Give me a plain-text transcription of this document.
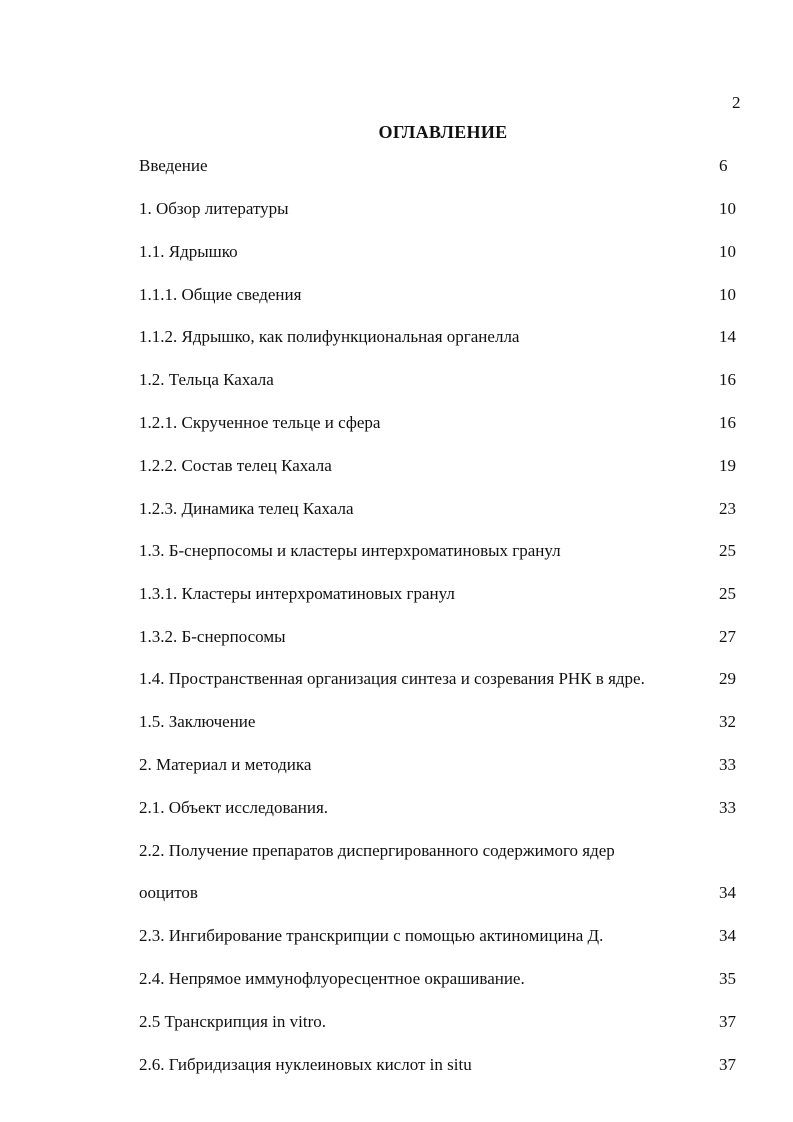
2
ОГЛАВЛЕНИЕ
Введение	6
1. Обзор литературы	10
1.1. Ядрышко	10
1.1.1. Общие сведения	10
1.1.2. Ядрышко, как полифункциональная органелла	14
1.2. Тельца Кахала	16
1.2.1. Скрученное тельце и сфера	16
1.2.2. Состав телец Кахала	19
1.2.3. Динамика телец Кахала	23
1.3. Б-снерпосомы и кластеры интерхроматиновых гранул	25
1.3.1. Кластеры интерхроматиновых гранул	25
1.3.2. Б-снерпосомы	27
1.4. Пространственная организация синтеза и созревания РНК в ядре.	29
1.5. Заключение	32
2. Материал и методика	33
2.1. Объект исследования.	33
2.2. Получение препаратов диспергированного содержимого ядер
ооцитов	34
2.3. Ингибирование транскрипции с помощью актиномицина Д.	34
2.4. Непрямое иммунофлуоресцентное окрашивание.	35
2.5 Транскрипция in vitro.	37
2.6. Гибридизация нуклеиновых кислот in situ	37
